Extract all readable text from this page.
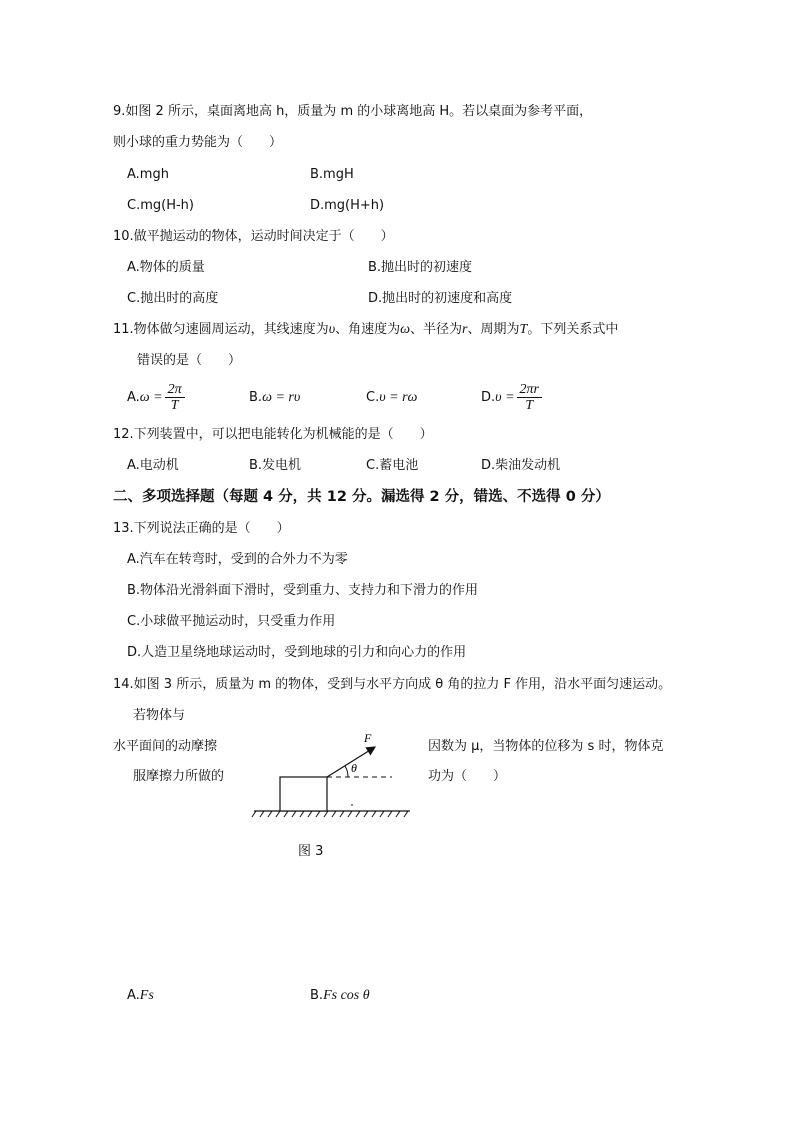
9.如图 2 所示，桌面离地高 h，质量为 m 的小球离地高 H。若以桌面为参考平面，
则小球的重力势能为（　　）
A.mgh	B.mgH
C.mg(H-h)	D.mg(H+h)
10.做平抛运动的物体，运动时间决定于（　　）
A.物体的质量	B.抛出时的初速度
C.抛出时的高度	D.抛出时的初速度和高度
11.物体做匀速圆周运动，其线速度为υ、角速度为ω、半径为r、周期为T。下列关系式中
错误的是（　　）
$A.\omega = \frac{2\pi}{T}$	B.ω = rυ	C.υ = rω	$D.\upsilon = \frac{2\pi r}{T}$
12.下列装置中，可以把电能转化为机械能的是（　　）
A.电动机	B.发电机	C.蓄电池	D.柴油发动机
二、多项选择题（每题 4 分，共 12 分。漏选得 2 分，错选、不选得 0 分）
13.下列说法正确的是（　　）
A.汽车在转弯时，受到的合外力不为零
B.物体沿光滑斜面下滑时，受到重力、支持力和下滑力的作用
C.小球做平抛运动时，只受重力作用
D.人造卫星绕地球运动时，受到地球的引力和向心力的作用
14.如图 3 所示，质量为 m 的物体，受到与水平方向成 θ 角的拉力 F 作用，沿水平面匀速运动。
若物体与
水平面间的动摩擦
服摩擦力所做的
因数为 μ，当物体的位移为 s 时，物体克
功为（　　）
F
θ
图 3
A.Fs	B.Fs cos θ
